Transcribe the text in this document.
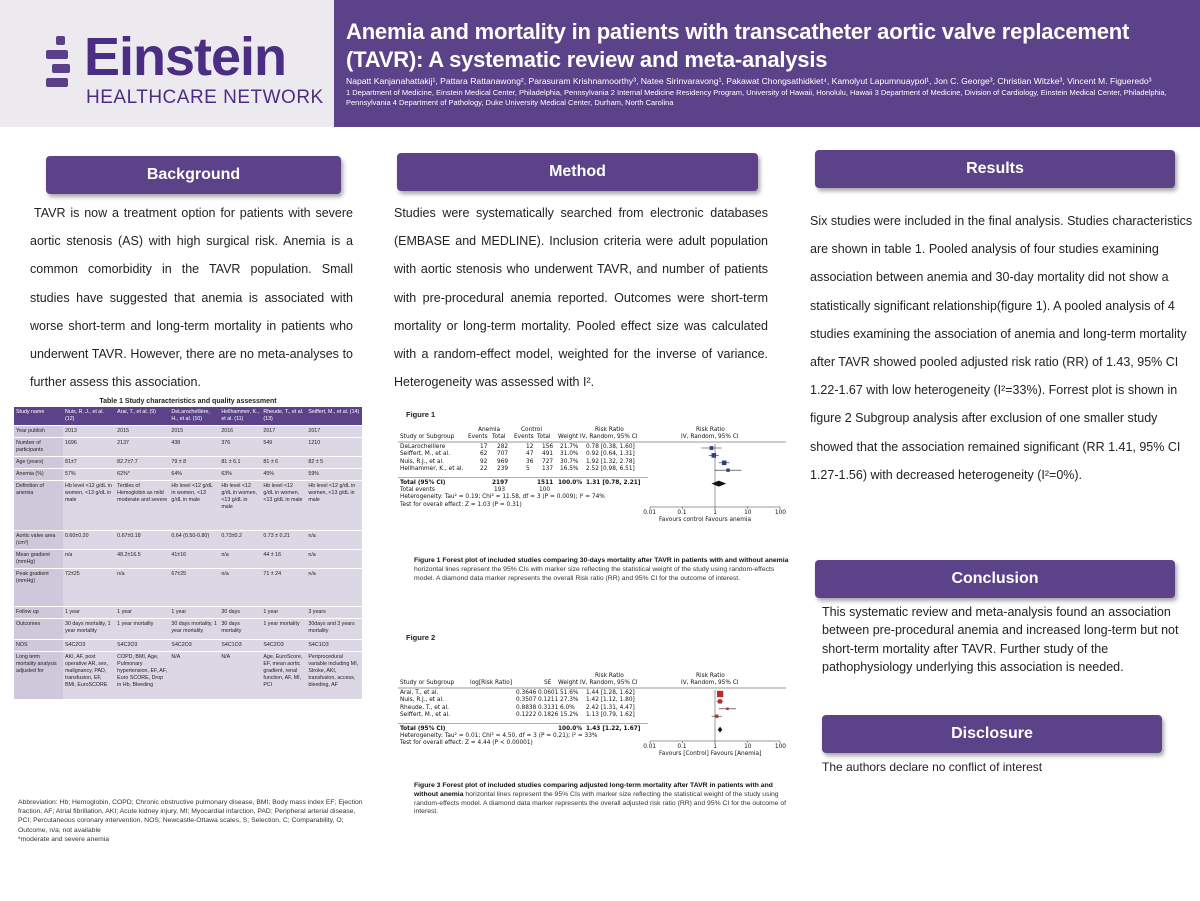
Einstein
HEALTHCARE NETWORK
Anemia and mortality in patients with transcatheter aortic valve replacement (TAVR): A systematic review and meta-analysis
Napatt Kanjanahattakij¹, Pattara Rattanawong², Parasuram Krishnamoorthy³, Natee Sirinvaravong¹, Pakawat Chongsathidkiet⁴, Kamolyut Lapumnuaypol¹, Jon C. George³, Christian Witzke³, Vincent M. Figueredo³
1 Department of Medicine, Einstein Medical Center, Philadelphia, Pennsylvania 2 Internal Medicine Residency Program, University of Hawaii, Honolulu, Hawaii 3 Department of Medicine, Division of Cardiology, Einstein Medical Center, Philadelphia, Pennsylvania 4 Department of Pathology, Duke University Medical Center, Durham, North Carolina
Background	Method	Results
Conclusion
Disclosure
TAVR is now a treatment option for patients with severe aortic stenosis (AS) with high surgical risk. Anemia is a common comorbidity in the TAVR population. Small studies have suggested that anemia is associated with worse short-term and long-term mortality in patients who underwent TAVR. However, there are no meta-analyses to further assess this association.
Studies were systematically searched from electronic databases (EMBASE and MEDLINE). Inclusion criteria were adult population with aortic stenosis who underwent TAVR, and number of patients with pre-procedural anemia reported. Outcomes were short-term mortality or long-term mortality. Pooled effect size was calculated with a random-effect model, weighted for the inverse of variance. Heterogeneity was assessed with I².
Six studies were included in the final analysis. Studies characteristics are shown in table 1. Pooled analysis of four studies examining association between anemia and 30-day mortality did not show a statistically significant relationship(figure 1). A pooled analysis of 4 studies examining the association of anemia and long-term mortality after TAVR showed pooled adjusted risk ratio (RR) of 1.43, 95% CI 1.22-1.67 with low heterogeneity (I²=33%). Forrest plot is shown in figure 2 Subgroup analysis after exclusion of one smaller study showed that the association remained significant (RR 1.41, 95% CI 1.27-1.56) with decreased heterogeneity (I²=0%).
This systematic review and meta-analysis found an association between pre-procedural anemia and increased long-term but not short-term mortality after TAVR. Further study of the pathophysiology underlying this association is needed.
The authors declare no conflict of interest
Table 1 Study characteristics and quality assessment
Study name	Nuis, R. J., et al. (12)	Arai, T., et al. (9)	DeLarochellière, H., et al. (10)	Hellhammer, K., et al. (11)	Rheude, T., et al. (13)	Seiffert, M., et al. (14)
Year publish	2013	2015	2015	2016	2017	2017
Number of participants	1696	2137	438	376	549	1210
Age (years)	81±7	82.7±7.7	79 ± 8	81 ± 6.1	81 ± 6	82 ± 5
Anemia (%)	57%	62%*	64%	63%	45%	59%
Definition of anemia	Hb level <12 g/dL in women, <13 g/dL in male	Tertiles of Hemoglobin as mild moderate and severe	Hb level <12 g/dL in women, <13 g/dL in male	Hb level <12 g/dL in women, <13 g/dL in male	Hb level <12 g/dL in women, <13 g/dL in male	Hb level <12 g/dL in women, <13 g/dL in male
Aortic valve area (cm²)	0.60±0.20	0.67±0.18	0.64 (0.50-0.80)	0.73±0.2	0.73 ± 0.21	n/a
Mean gradient (mmHg)	n/a	48.2±16.5	41±16	n/a	44 ± 16	n/a
Peak gradient (mmHg)	72±25	n/a	67±25	n/a	71 ± 24	n/a
Follow up	1 year	1 year	1 year	30 days	1 year	3 years
Outcomes	30 days mortality, 1 year mortality	1 year mortality	30 days mortality, 1 year mortality	30 days mortality	1 year mortality	30days and 3 years mortality
NOS	S4C2O3	S4C2O3	S4C2O3	S4C1O3	S4C2O3	S4C1O3
Long term mortality analysis adjusted for	AKI, AF, post operative AR, sex, malignancy, PAD, transfusion, EF, BMI, EuroSCORE	COPD, BMI, Age, Pulmonary hypertension, EF, AF, Euro SCORE, Drop in Hb, Bleeding	N/A	N/A	Age, EuroScore, EF, mean aortic gradient, renal function, AF, MI, PCI	Periprocedural variable including MI, Stroke, AKI, transfusion, access, bleeding, AF
Abbreviation: Hb; Hemoglobin, COPD; Chronic obstructive pulmonary disease, BMI; Body mass index EF; Ejection fraction, AF; Atrial fibrillation, AKI; Acute kidney injury, MI; Myocardial infarction, PAD; Peripheral arterial disease, PCI; Percutaneous coronary intervention, NOS; Newcastle-Ottawa scales, S; Selection, C; Comparability, O; Outcome, n/a; not available
*moderate and severe anemia
Figure 1
Risk Ratio
IV, Random, 95% CI
Risk Ratio
IV, Random, 95% CI
Study or Subgroup
Anemia	Control
Events Total Events Total Weight
DeLarochelliere	17 282	12 156 21.7% 0.78 [0.38, 1.60]
Seiffert, M., et al.	62 707	47 491 31.0% 0.92 [0.64, 1.31]
Nuis, R.J., et al.	92 969	36 727 30.7% 1.92 [1.32, 2.78]
Hellhammer, K., et al.	22 239	5 137 16.5% 2.52 [0.98, 6.51]
Total (95% CI)	2197	1511 100.0% 1.31 [0.78, 2.21]
Total events	193	100
Heterogeneity: Tau² = 0.19; Chi² = 11.58, df = 3 (P = 0.009); I² = 74%
Test for overall effect: Z = 1.03 (P = 0.31)
0.01	0.1	1	10	100
Favours control Favours anemia
Figure 1 Forest plot of included studies comparing 30-days mortality after TAVR in patients with and without anemia horizontal lines represent the 95% CIs with marker size reflecting the statistical weight of the study using random-effects model. A diamond data marker represents the overall Risk ratio (RR) and 95% CI for the outcome of interest.
Figure 2
Risk Ratio
IV, Random, 95% CI
Risk Ratio
IV, Random, 95% CI
Study or Subgroup	log[Risk Ratio]	SE Weight
Arai, T., et al.	0.3646 0.0601 51.6% 1.44 [1.28, 1.62]
Nuis, R.J., et al.	0.3507 0.1211 27.3% 1.42 [1.12, 1.80]
Rheude, T., et al.	0.8838 0.3131 6.0% 2.42 [1.31, 4.47]
Seiffert, M., et al.	0.1222 0.1826 15.2% 1.13 [0.79, 1.62]
Total (95% CI)	100.0% 1.43 [1.22, 1.67]
Heterogeneity: Tau² = 0.01; Chi² = 4.50, df = 3 (P = 0.21); I² = 33%
Test for overall effect: Z = 4.44 (P < 0.00001)
0.01	0.1	1	10	100
Favours [Control] Favours [Anemia]
Figure 3 Forest plot of included studies comparing adjusted long-term mortality after TAVR in patients with and without anemia horizontal lines represent the 95% CIs with marker size reflecting the statistical weight of the study using random-effects model. A diamond data marker represents the overall adjusted risk ratio (RR) and 95% CI for the outcome of interest.
